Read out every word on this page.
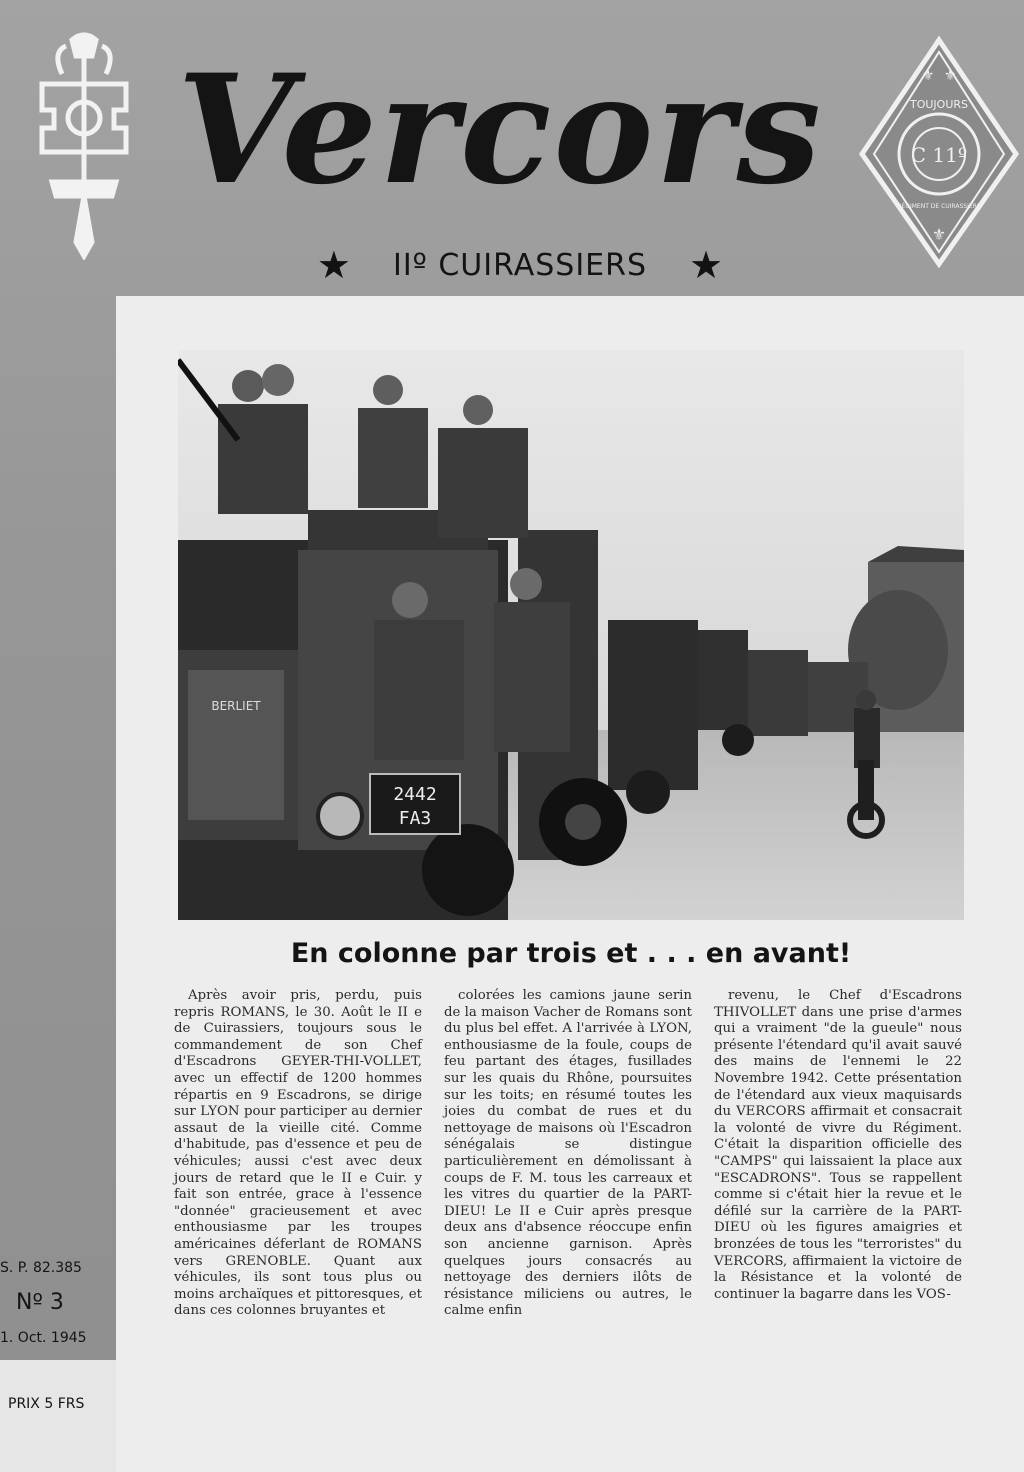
Vercors
★ IIº CUIRASSIERS ★
C 11º
TOUJOURS
RÉGIMENT DE CUIRASSIERS
⚜ ⚜
⚜
BERLIET
2442
FA3
En colonne par trois et . . . en avant!
Après avoir pris, perdu, puis repris ROMANS, le 30. Août le II e de Cuirassiers, toujours sous le commandement de son Chef d'Escadrons GEYER-THI-VOLLET, avec un effectif de 1200 hommes répartis en 9 Escadrons, se dirige sur LYON pour participer au dernier assaut de la vieille cité. Comme d'habitude, pas d'essence et peu de véhicules; aussi c'est avec deux jours de retard que le II e Cuir. y fait son entrée, grace à l'essence "donnée" gracieusement et avec enthousiasme par les troupes américaines déferlant de ROMANS vers GRENOBLE. Quant aux véhicules, ils sont tous plus ou moins archaïques et pittoresques, et dans ces colonnes bruyantes et
colorées les camions jaune serin de la maison Vacher de Romans sont du plus bel effet. A l'arrivée à LYON, enthousiasme de la foule, coups de feu partant des étages, fusillades sur les quais du Rhône, poursuites sur les toits; en résumé toutes les joies du combat de rues et du nettoyage de maisons où l'Escadron sénégalais se distingue particulièrement en démolissant à coups de F. M. tous les carreaux et les vitres du quartier de la PART-DIEU! Le II e Cuir après presque deux ans d'absence réoccupe enfin son ancienne garnison. Après quelques jours consacrés au nettoyage des derniers ilôts de résistance miliciens ou autres, le calme enfin
revenu, le Chef d'Escadrons THIVOLLET dans une prise d'armes qui a vraiment "de la gueule" nous présente l'étendard qu'il avait sauvé des mains de l'ennemi le 22 Novembre 1942. Cette présentation de l'étendard aux vieux maquisards du VERCORS affirmait et consacrait la volonté de vivre du Régiment. C'était la disparition officielle des "CAMPS" qui laissaient la place aux "ESCADRONS". Tous se rappellent comme si c'était hier la revue et le défilé sur la carrière de la PART-DIEU où les figures amaigries et bronzées de tous les "terroristes" du VERCORS, affirmaient la victoire de la Résistance et la volonté de continuer la bagarre dans les VOS-
S. P. 82.385
Nº 3
1. Oct. 1945
PRIX 5 FRS
